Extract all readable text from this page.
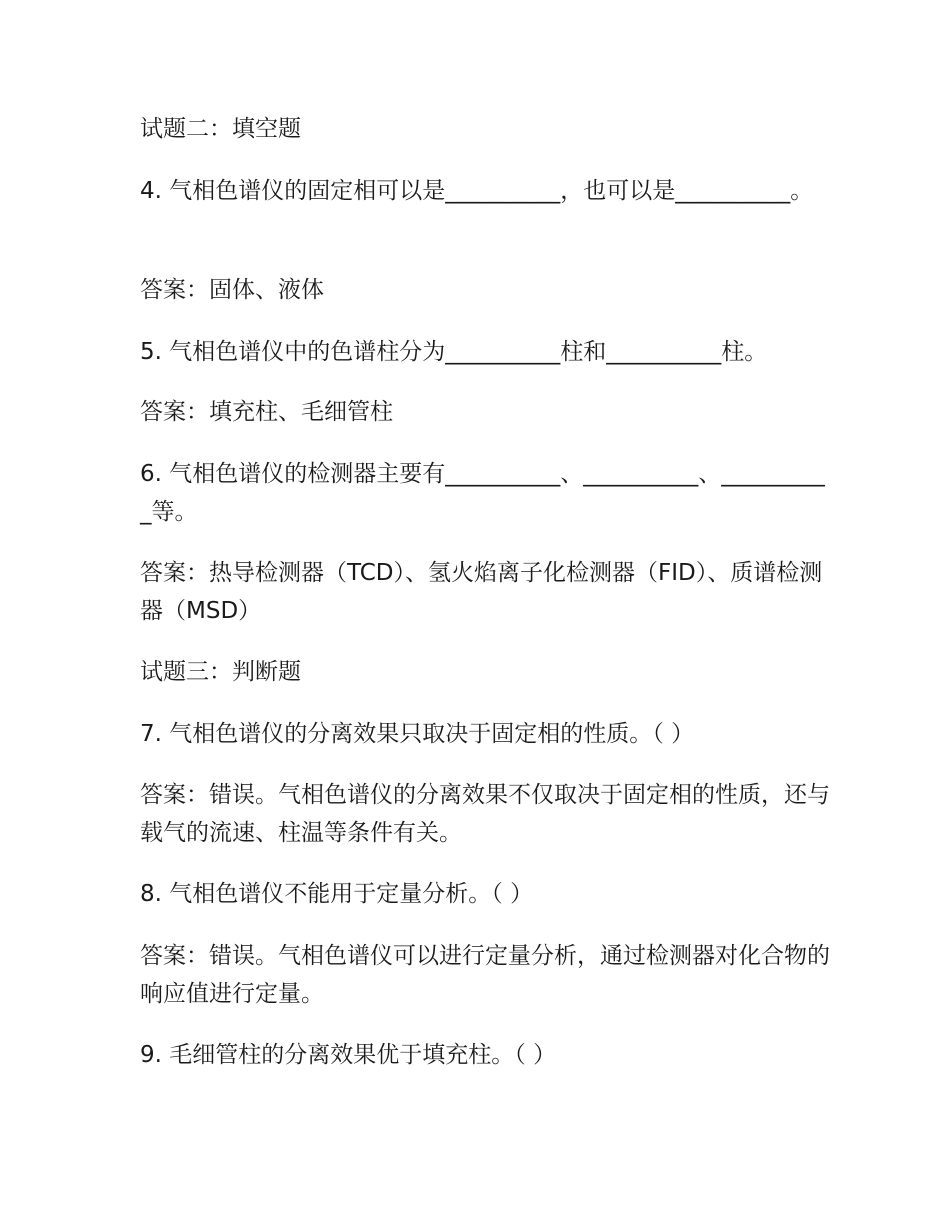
试题二：填空题

4. 气相色谱仪的固定相可以是__________，也可以是__________。

答案：固体、液体

5. 气相色谱仪中的色谱柱分为__________柱和__________柱。

答案：填充柱、毛细管柱

6. 气相色谱仪的检测器主要有__________、__________、__________等。

答案：热导检测器（TCD）、氢火焰离子化检测器（FID）、质谱检测器（MSD）

试题三：判断题

7. 气相色谱仪的分离效果只取决于固定相的性质。（ ）

答案：错误。气相色谱仪的分离效果不仅取决于固定相的性质，还与载气的流速、柱温等条件有关。

8. 气相色谱仪不能用于定量分析。（ ）

答案：错误。气相色谱仪可以进行定量分析，通过检测器对化合物的响应值进行定量。

9. 毛细管柱的分离效果优于填充柱。（ ）
